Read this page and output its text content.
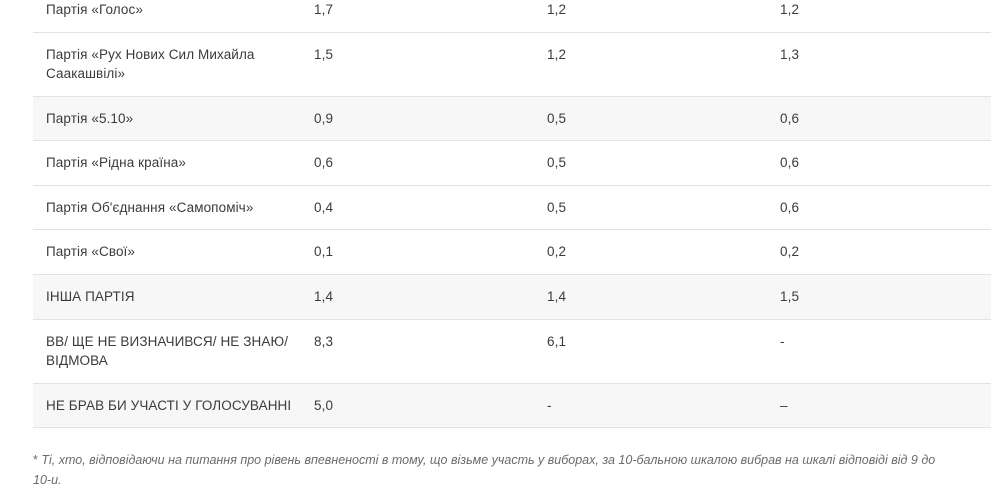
Партія «Голос»	1,7	1,2	1,2
Партія «Рух Нових Сил Михайла Саакашвілі»	1,5	1,2	1,3
Партія «5.10»	0,9	0,5	0,6
Партія «Рідна країна»	0,6	0,5	0,6
Партія Об'єднання «Самопоміч»	0,4	0,5	0,6
Партія «Свої»	0,1	0,2	0,2
ІНША ПАРТІЯ	1,4	1,4	1,5
ВВ/ ЩЕ НЕ ВИЗНАЧИВСЯ/ НЕ ЗНАЮ/ ВІДМОВА	8,3	6,1	-
НЕ БРАВ БИ УЧАСТІ У ГОЛОСУВАННІ	5,0	-	–

* Ті, хто, відповідаючи на питання про рівень впевненості в тому, що візьме участь у виборах, за 10-бальною шкалою вибрав на шкалі відповіді від 9 до 10-и.
